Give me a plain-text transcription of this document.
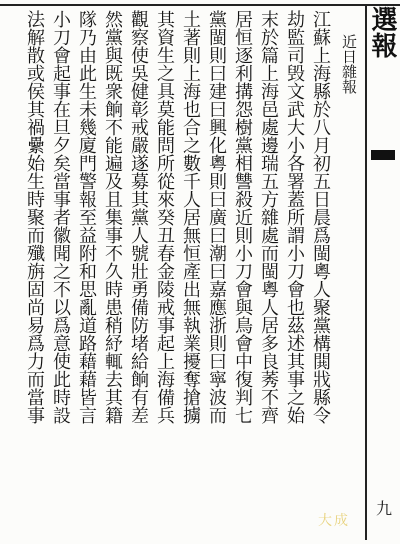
選報
九
近日雜報
江蘇上海縣於八月初五日晨爲閩粵人聚黨構閧戕縣令
劫監司毁文武大小各署蓋所謂小刀會也茲述其事之始
末於篇上海邑處邊瑞五方雜處而閩粵人居多良莠不齊
居恒逐利搆怨樹黨相讐殺近則小刀會與鳥會中復判七
黨閩則曰建曰興化粵則曰廣曰潮曰嘉應浙則曰寧波而
土著則上海也合之數千人居無恒產出無執業擾奪搶擄
其資生之具莫能問所從來癸丑春金陵戒事起上海備兵
觀察使吳健彰戒嚴遂募其黨人號壯勇備防堵給餉有差
然黨與既衆餉不能遍及且集事不久時患稍紓輒去其籍
隊乃由此生未幾廈門警報至益附和思亂道路藉藉皆言
小刀會起事在旦夕矣當事者徽聞之不以爲意使此時設
法解散或侯其禍纍始生時聚而殲旃固尚易爲力而當事
大成
